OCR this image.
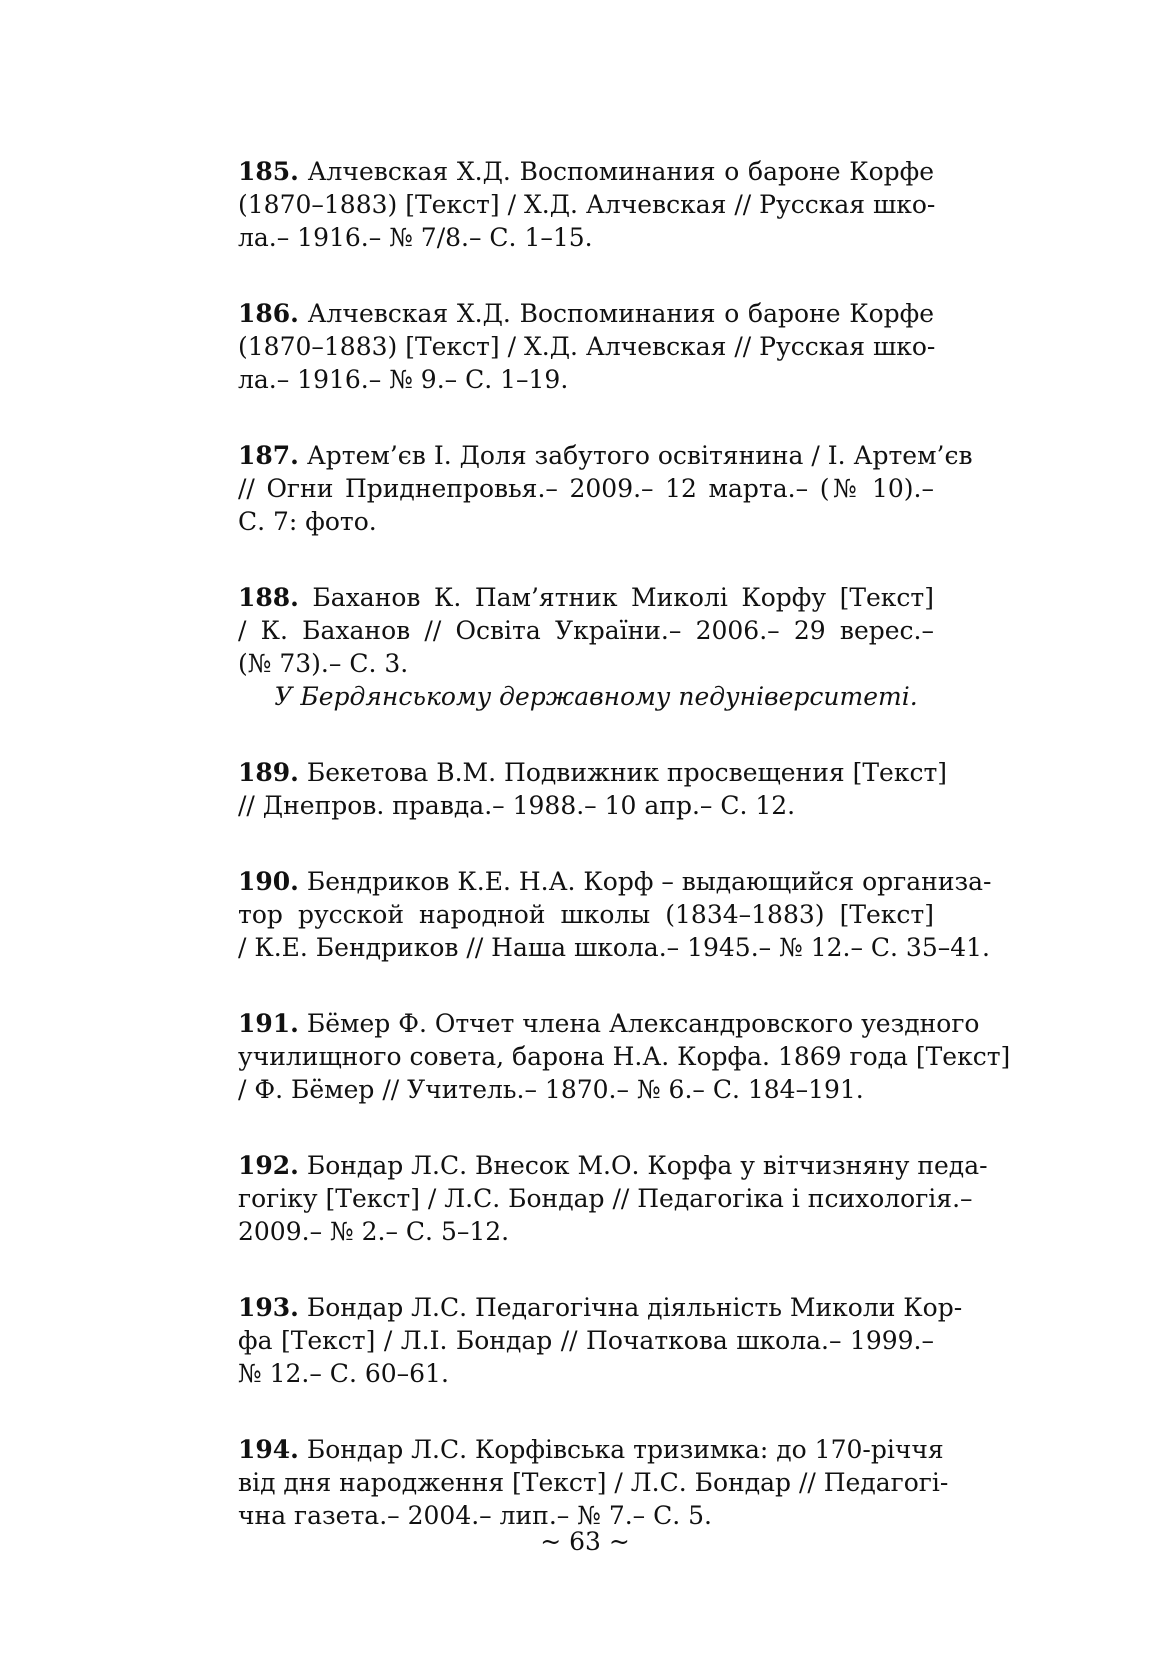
185. Алчевская Х.Д. Воспоминания о бароне Корфе
(1870–1883) [Текст] / Х.Д. Алчевская // Русская шко-
ла.– 1916.– № 7/8.– С. 1–15.
186. Алчевская Х.Д. Воспоминания о бароне Корфе
(1870–1883) [Текст] / Х.Д. Алчевская // Русская шко-
ла.– 1916.– № 9.– С. 1–19.
187. Артем’єв І. Доля забутого освітянина / І. Артем’єв
// Огни Приднепровья.– 2009.– 12 марта.– (№ 10).–
С. 7: фото.
188. Баханов К. Пам’ятник Миколі Корфу [Текст]
/ К. Баханов // Освіта України.– 2006.– 29 верес.–
(№ 73).– С. 3.
У Бердянському державному педуніверситеті.
189. Бекетова В.М. Подвижник просвещения [Текст]
// Днепров. правда.– 1988.– 10 апр.– С. 12.
190. Бендриков К.Е. Н.А. Корф – выдающийся организа-
тор русской народной школы (1834–1883) [Текст]
/ К.Е. Бендриков // Наша школа.– 1945.– № 12.– С. 35–41.
191. Бёмер Ф. Отчет члена Александровского уездного
училищного совета, барона Н.А. Корфа. 1869 года [Текст]
/ Ф. Бёмер // Учитель.– 1870.– № 6.– С. 184–191.
192. Бондар Л.С. Внесок М.О. Корфа у вітчизняну педа-
гогіку [Текст] / Л.С. Бондар // Педагогіка і психологія.–
2009.– № 2.– С. 5–12.
193. Бондар Л.С. Педагогічна діяльність Миколи Кор-
фа [Текст] / Л.І. Бондар // Початкова школа.– 1999.–
№ 12.– С. 60–61.
194. Бондар Л.С. Корфівська тризимка: до 170-річчя
від дня народження [Текст] / Л.С. Бондар // Педагогі-
чна газета.– 2004.– лип.– № 7.– С. 5.
~ 63 ~
